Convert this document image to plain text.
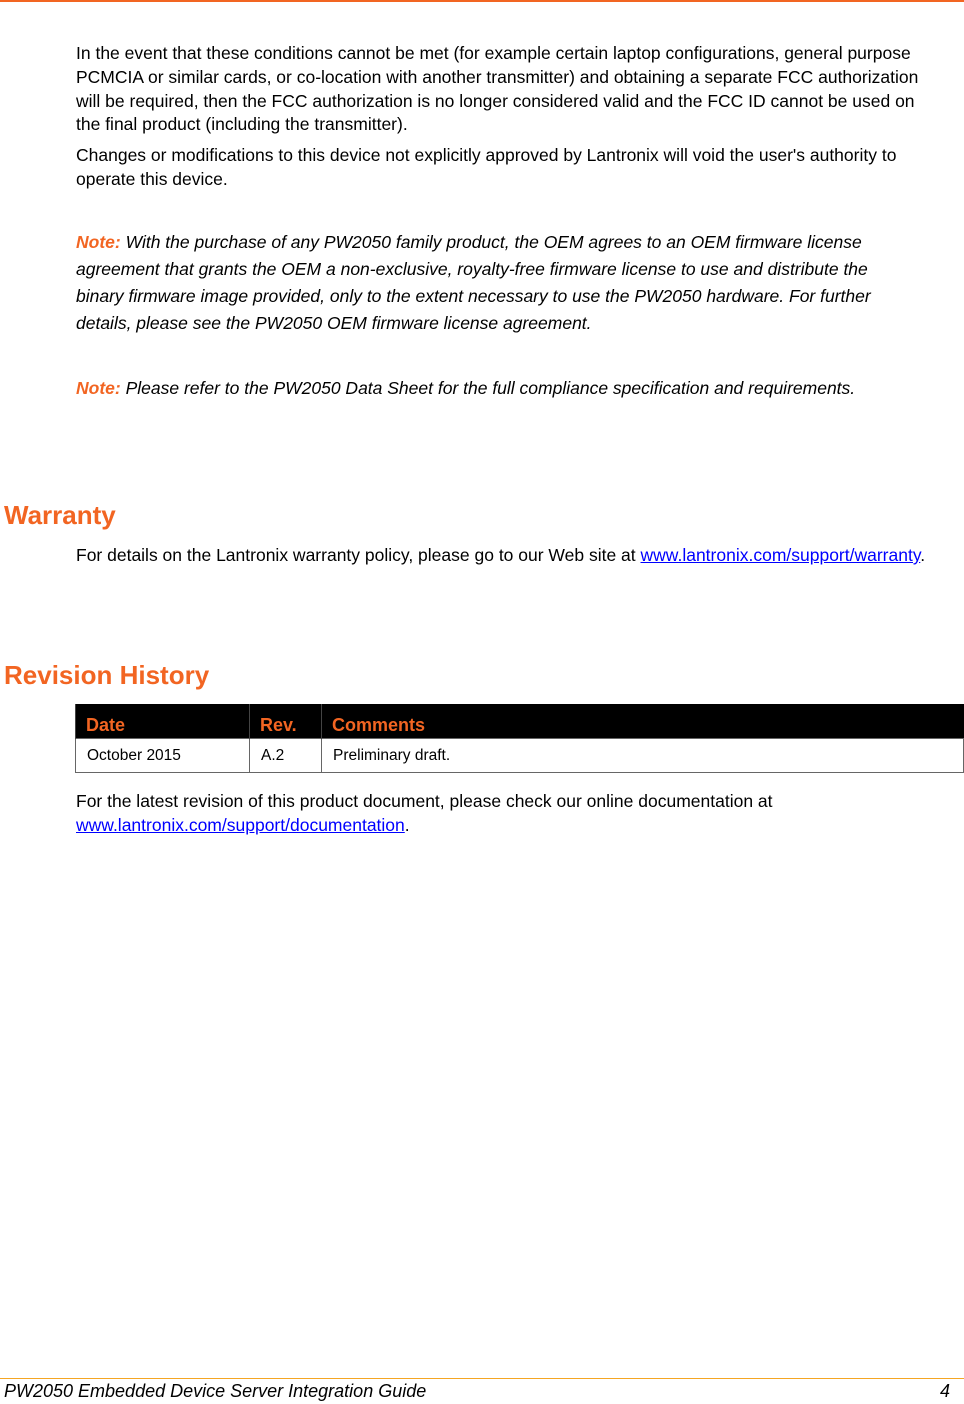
In the event that these conditions cannot be met (for example certain laptop configurations, general purpose PCMCIA or similar cards, or co-location with another transmitter) and obtaining a separate FCC authorization will be required, then the FCC authorization is no longer considered valid and the FCC ID cannot be used on the final product (including the transmitter).

Changes or modifications to this device not explicitly approved by Lantronix will void the user's authority to operate this device.

Note: With the purchase of any PW2050 family product, the OEM agrees to an OEM firmware license agreement that grants the OEM a non-exclusive, royalty-free firmware license to use and distribute the binary firmware image provided, only to the extent necessary to use the PW2050 hardware. For further details, please see the PW2050 OEM firmware license agreement.

Note: Please refer to the PW2050 Data Sheet for the full compliance specification and requirements.

Warranty

For details on the Lantronix warranty policy, please go to our Web site at www.lantronix.com/support/warranty.

Revision History
Date	Rev.	Comments
October 2015	A.2	Preliminary draft.

For the latest revision of this product document, please check our online documentation at www.lantronix.com/support/documentation.

PW2050 Embedded Device Server Integration Guide	4
